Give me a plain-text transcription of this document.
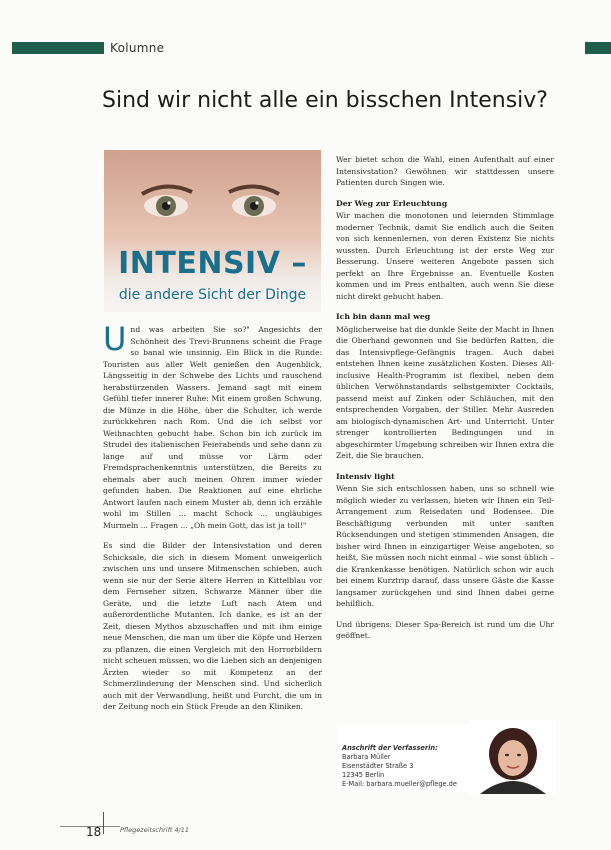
Kolumne
Sind wir nicht alle ein bisschen Intensiv?
INTENSIV –
die andere Sicht der Dinge

Und was arbeiten Sie so?" Angesichts der Schönheit des Trevi-Brunnens scheint die Frage so banal wie unsinnig. Ein Blick in die Runde: Touristen aus aller Welt genießen den Augenblick, Längsseitig in der Schwebe des Lichts und rauschend herabstürzenden Wassers. Jemand sagt mit einem Gefühl tiefer innerer Ruhe: Mit einem großen Schwung, die Münze in die Höhe, über die Schulter, ich werde zurückkehren nach Rom. Und die ich selbst vor Weihnachten gebucht habe. Schon bin ich zurück im Strudel des italienischen Feierabends und sehe dann zu lange auf und müsse vor Lärm oder Fremdsprachenkenntnis unterstützen, die Bereits zu ehemals aber auch meinen Ohren immer wieder gefunden haben. Die Reaktionen auf eine ehrliche Antwort laufen nach einem Muster ab, denn ich erzähle wohl im Stillen ... macht Schock ... ungläubiges Murmeln ... Fragen ... „Oh mein Gott, das ist ja toll!"

Es sind die Bilder der Intensivstation und deren Schicksale, die sich in diesem Moment unweigerlich zwischen uns und unsere Mitmenschen schieben, auch wenn sie nur der Serie ältere Herren in Kittelblau vor dem Fernseher sitzen. Schwarze Männer über die Geräte, und die letzte Luft nach Atem und außerordentliche Mutanten. Ich danke, es ist an der Zeit, diesen Mythos abzuschaffen und mit ihm einige neue Menschen, die man um über die Köpfe und Herzen zu pflanzen, die einen Vergleich mit den Horrorbildern nicht scheuen müssen, wo die Lieben sich an denjenigen Ärzten wieder so mit Kompetenz an der Schmerzlinderung der Menschen sind. Und sicherlich auch mit der Verwandlung, heißt und Furcht, die um in der Zeitung noch ein Stück Freude an den Kliniken.

Wer bietet schon die Wahl, einen Aufenthalt auf einer Intensivstation? Gewöhnen wir stattdessen unsere Patienten durch Singen wie.

Der Weg zur Erleuchtung

Wir machen die monotonen und leiernden Stimmlage moderner Technik, damit Sie endlich auch die Seiten von sich kennenlernen, von deren Existenz Sie nichts wussten. Durch Erleuchtung ist der erste Weg zur Besserung. Unsere weiteren Angebote passen sich perfekt an Ihre Ergebnisse an. Eventuelle Kosten kommen und im Preis enthalten, auch wenn Sie diese nicht direkt gebucht haben.

Ich bin dann mal weg

Möglicherweise hat die dunkle Seite der Macht in Ihnen die Oberhand gewonnen und Sie bedürfen Ratten, die das Intensivpflege-Gefängnis tragen. Auch dabei entstehen Ihnen keine zusätzlichen Kosten. Dieses All-inclusive Health-Programm ist flexibel, neben dem üblichen Verwöhnstandards selbstgemixter Cocktails, passend meist auf Zinken oder Schläuchen, mit den entsprechenden Vorgaben, der Stiller. Mehr Ausreden am biologisch-dynamischen Art- und Unterricht. Unter strenger kontrollierten Bedingungen und in abgeschirmter Umgebung schreiben wir Ihnen extra die Zeit, die Sie brauchen.

Intensiv light

Wenn Sie sich entschlossen haben, uns so schnell wie möglich wieder zu verlassen, bieten wir Ihnen ein Teil-Arrangement zum Reisedaten und Bodensee. Die Beschäftigung verbunden mit unter sanften Rücksendungen und stetigen stimmenden Ansagen, die bisher wird Ihnen in einzigartiger Weise angeboten, so heißt, Sie müssen noch nicht einmal – wie sonst üblich – die Krankenkasse benötigen. Natürlich schon wir auch bei einem Kurztrip darauf, dass unsere Gäste die Kasse langsamer zurückgehen und sind Ihnen dabei gerne behilflich.

Und übrigens: Dieser Spa-Bereich ist rund um die Uhr geöffnet.

Anschrift der Verfasserin:
Barbara Müller
Eisenstädter Straße 3
12345 Berlin
E-Mail: barbara.mueller@pflege.de
18	Pflegezeitschrift 4/11
